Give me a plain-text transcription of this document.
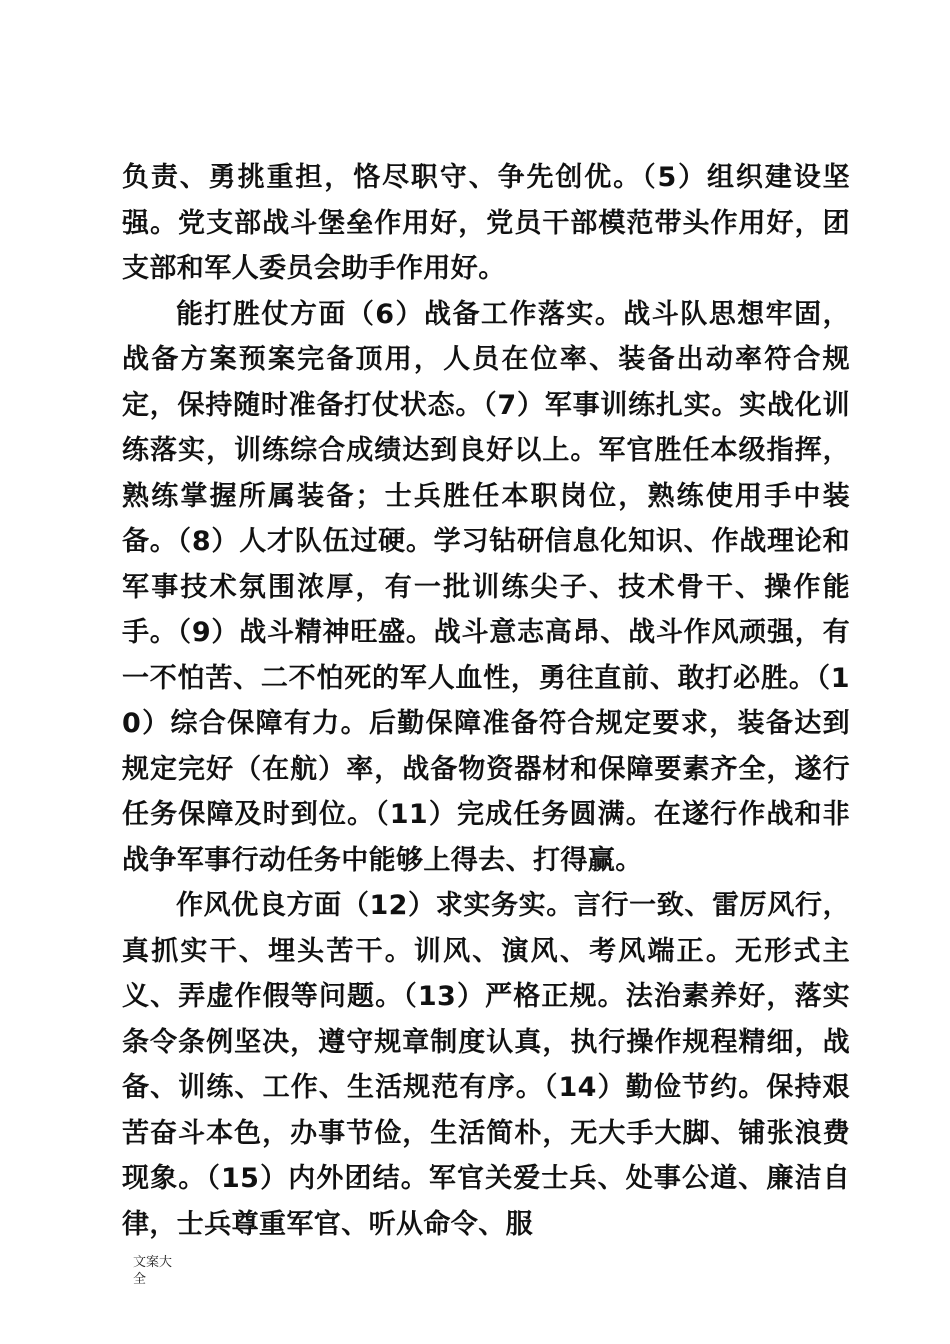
负责、勇挑重担，恪尽职守、争先创优。（5）组织建设坚强。党支部战斗堡垒作用好，党员干部模范带头作用好，团支部和军人委员会助手作用好。

能打胜仗方面（6）战备工作落实。战斗队思想牢固，战备方案预案完备顶用，人员在位率、装备出动率符合规定，保持随时准备打仗状态。（7）军事训练扎实。实战化训练落实，训练综合成绩达到良好以上。军官胜任本级指挥，熟练掌握所属装备；士兵胜任本职岗位，熟练使用手中装备。（8）人才队伍过硬。学习钻研信息化知识、作战理论和军事技术氛围浓厚，有一批训练尖子、技术骨干、操作能手。（9）战斗精神旺盛。战斗意志高昂、战斗作风顽强，有一不怕苦、二不怕死的军人血性，勇往直前、敢打必胜。（10）综合保障有力。后勤保障准备符合规定要求，装备达到规定完好（在航）率，战备物资器材和保障要素齐全，遂行任务保障及时到位。（11）完成任务圆满。在遂行作战和非战争军事行动任务中能够上得去、打得赢。

作风优良方面（12）求实务实。言行一致、雷厉风行，真抓实干、埋头苦干。训风、演风、考风端正。无形式主义、弄虚作假等问题。（13）严格正规。法治素养好，落实条令条例坚决，遵守规章制度认真，执行操作规程精细，战备、训练、工作、生活规范有序。（14）勤俭节约。保持艰苦奋斗本色，办事节俭，生活简朴，无大手大脚、铺张浪费现象。（15）内外团结。军官关爱士兵、处事公道、廉洁自律，士兵尊重军官、听从命令、服

文案大全
